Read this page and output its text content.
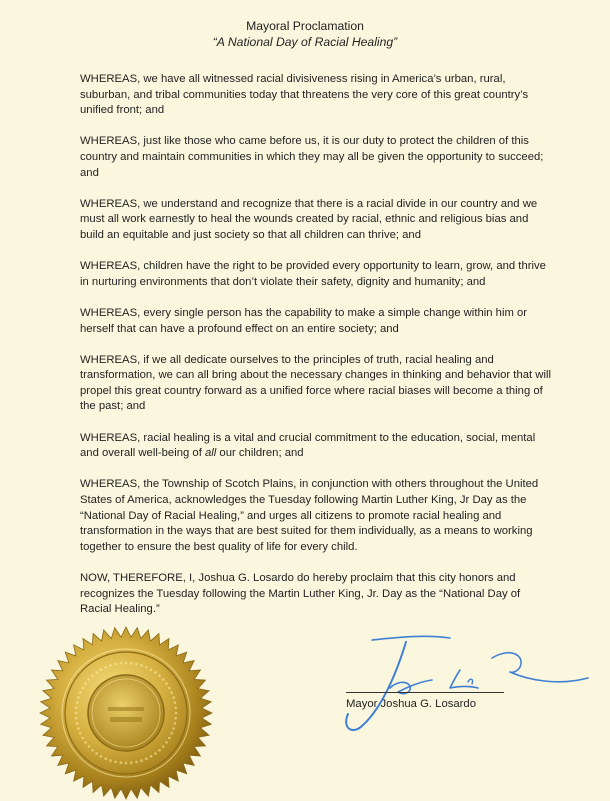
Mayoral Proclamation
“A National Day of Racial Healing”

WHEREAS, we have all witnessed racial divisiveness rising in America’s urban, rural, suburban, and tribal communities today that threatens the very core of this great country’s unified front; and

WHEREAS, just like those who came before us, it is our duty to protect the children of this country and maintain communities in which they may all be given the opportunity to succeed; and

WHEREAS, we understand and recognize that there is a racial divide in our country and we must all work earnestly to heal the wounds created by racial, ethnic and religious bias and build an equitable and just society so that all children can thrive; and

WHEREAS, children have the right to be provided every opportunity to learn, grow, and thrive in nurturing environments that don’t violate their safety, dignity and humanity; and

WHEREAS, every single person has the capability to make a simple change within him or herself that can have a profound effect on an entire society; and

WHEREAS, if we all dedicate ourselves to the principles of truth, racial healing and transformation, we can all bring about the necessary changes in thinking and behavior that will propel this great country forward as a unified force where racial biases will become a thing of the past; and

WHEREAS, racial healing is a vital and crucial commitment to the education, social, mental and overall well-being of all our children; and

WHEREAS, the Township of Scotch Plains, in conjunction with others throughout the United States of America, acknowledges the Tuesday following Martin Luther King, Jr Day as the “National Day of Racial Healing,” and urges all citizens to promote racial healing and transformation in the ways that are best suited for them individually, as a means to working together to ensure the best quality of life for every child.

NOW, THEREFORE, I, Joshua G. Losardo do hereby proclaim that this city honors and recognizes the Tuesday following the Martin Luther King, Jr. Day as the “National Day of Racial Healing.”

Mayor Joshua G. Losardo
